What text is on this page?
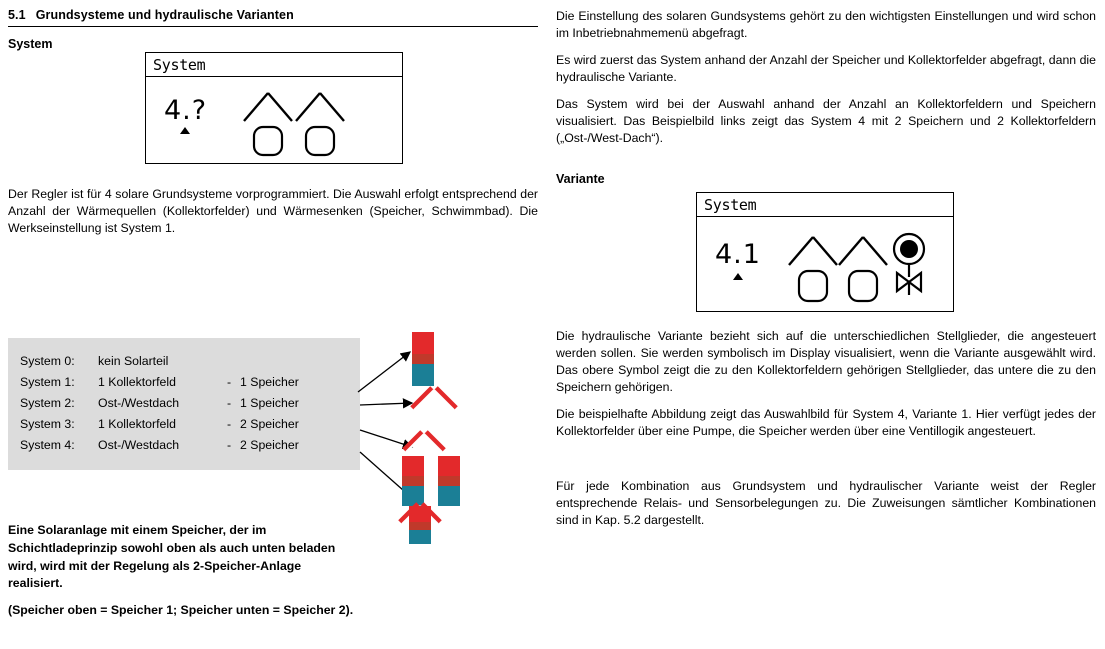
5.1 Grundsysteme und hydraulische Varianten
System
System
4.?

Der Regler ist für 4 solare Grundsysteme vorprogrammiert. Die Auswahl erfolgt entsprechend der Anzahl der Wärmequellen (Kollektorfelder) und Wärmesenken (Speicher, Schwimmbad). Die Werkseinstellung ist System 1.

System 0:	kein Solarteil		
System 1:	1 Kollektorfeld	-	1 Speicher
System 2:	Ost-/Westdach	-	1 Speicher
System 3:	1 Kollektorfeld	-	2 Speicher
System 4:	Ost-/Westdach	-	2 Speicher

Eine Solaranlage mit einem Speicher, der im Schichtladeprinzip sowohl oben als auch unten beladen wird, wird mit der Regelung als 2-Speicher-Anlage realisiert.

(Speicher oben = Speicher 1; Speicher unten = Speicher 2).

Die Einstellung des solaren Gundsystems gehört zu den wichtigsten Einstellungen und wird schon im Inbetriebnahmemenü abgefragt.

Es wird zuerst das System anhand der Anzahl der Speicher und Kollektorfelder abgefragt, dann die hydraulische Variante.

Das System wird bei der Auswahl anhand der Anzahl an Kollektorfeldern und Speichern visualisiert. Das Beispielbild links zeigt das System 4 mit 2 Speichern und 2 Kollektorfeldern („Ost-/West-Dach“).

Variante
System
4.1

Die hydraulische Variante bezieht sich auf die unterschiedlichen Stellglieder, die angesteuert werden sollen. Sie werden symbolisch im Display visualisiert, wenn die Variante ausgewählt wird. Das obere Symbol zeigt die zu den Kollektorfeldern gehörigen Stellglieder, das untere die zu den Speichern gehörigen.

Die beispielhafte Abbildung zeigt das Auswahlbild für System 4, Variante 1. Hier verfügt jedes der Kollektorfelder über eine Pumpe, die Speicher werden über eine Ventillogik angesteuert.

Für jede Kombination aus Grundsystem und hydraulischer Variante weist der Regler entsprechende Relais- und Sensorbelegungen zu. Die Zuweisungen sämtlicher Kombinationen sind in Kap. 5.2 dargestellt.
